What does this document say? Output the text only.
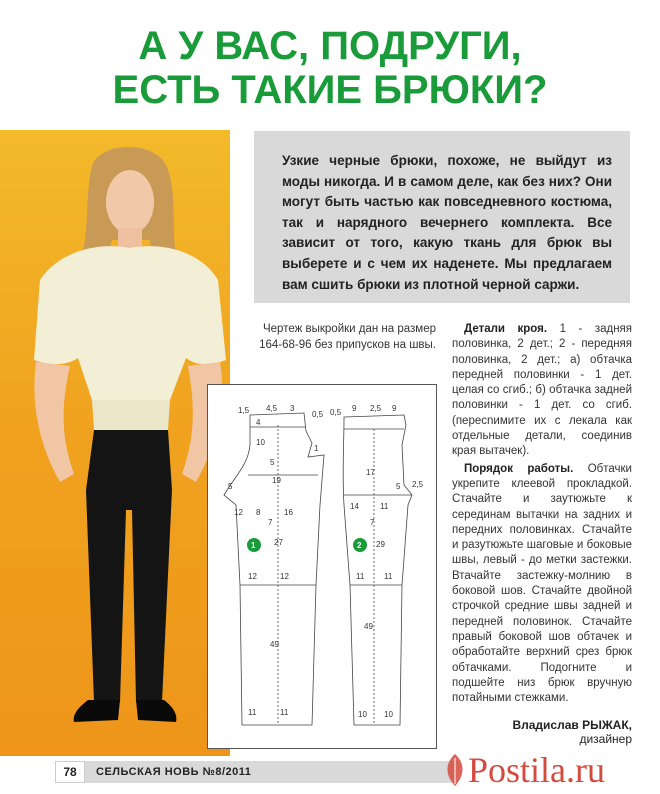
А У ВАС, ПОДРУГИ,
ЕСТЬ ТАКИЕ БРЮКИ?

Узкие черные брюки, похоже, не выйдут из моды никогда. И в самом деле, как без них? Они могут быть частью как повседневного костюма, так и нарядного вечернего комплекта. Все зависит от того, какую ткань для брюк вы выберете и с чем их наденете. Мы предлагаем вам сшить брюки из плотной черной саржи.

Чертеж выкройки дан на размер 164-68-96 без припусков на швы.

Детали кроя. 1 - задняя половинка, 2 дет.; 2 - передняя половинка, 2 дет.; а) обтачка передней половинки - 1 дет. целая со сгиб.; б) обтачка задней половинки - 1 дет. со сгиб. (пересnимите их с лекала как отдельные детали, соединив края вытачек).

Порядок работы. Обтачки укрепите клеевой прокладкой. Стачайте и заутюжьте к серединам вытачки на задних и передних половинках. Стачайте и разутюжьте шаговые и боковые швы, левый - до метки застежки. Втачайте застежку-молнию в боковой шов. Стачайте двойной строчкой средние швы задней и передней половинок. Стачайте правый боковой шов обтачек и обработайте верхний срез брюк обтачками. Подогните и подшейте низ брюк вручную потайными стежками.

1,5 4,5 3
0,5
4
10
1
5
19
5
12 8	16
1 27
7
12	12
49
11	11
0,5 9 2,5 9
17
5 2,5
14	11
7
2 29
11 11
49
10 10
Владислав РЫЖАК,
дизайнер
78	СЕЛЬСКАЯ НОВЬ №8/2011	Postila.ru
